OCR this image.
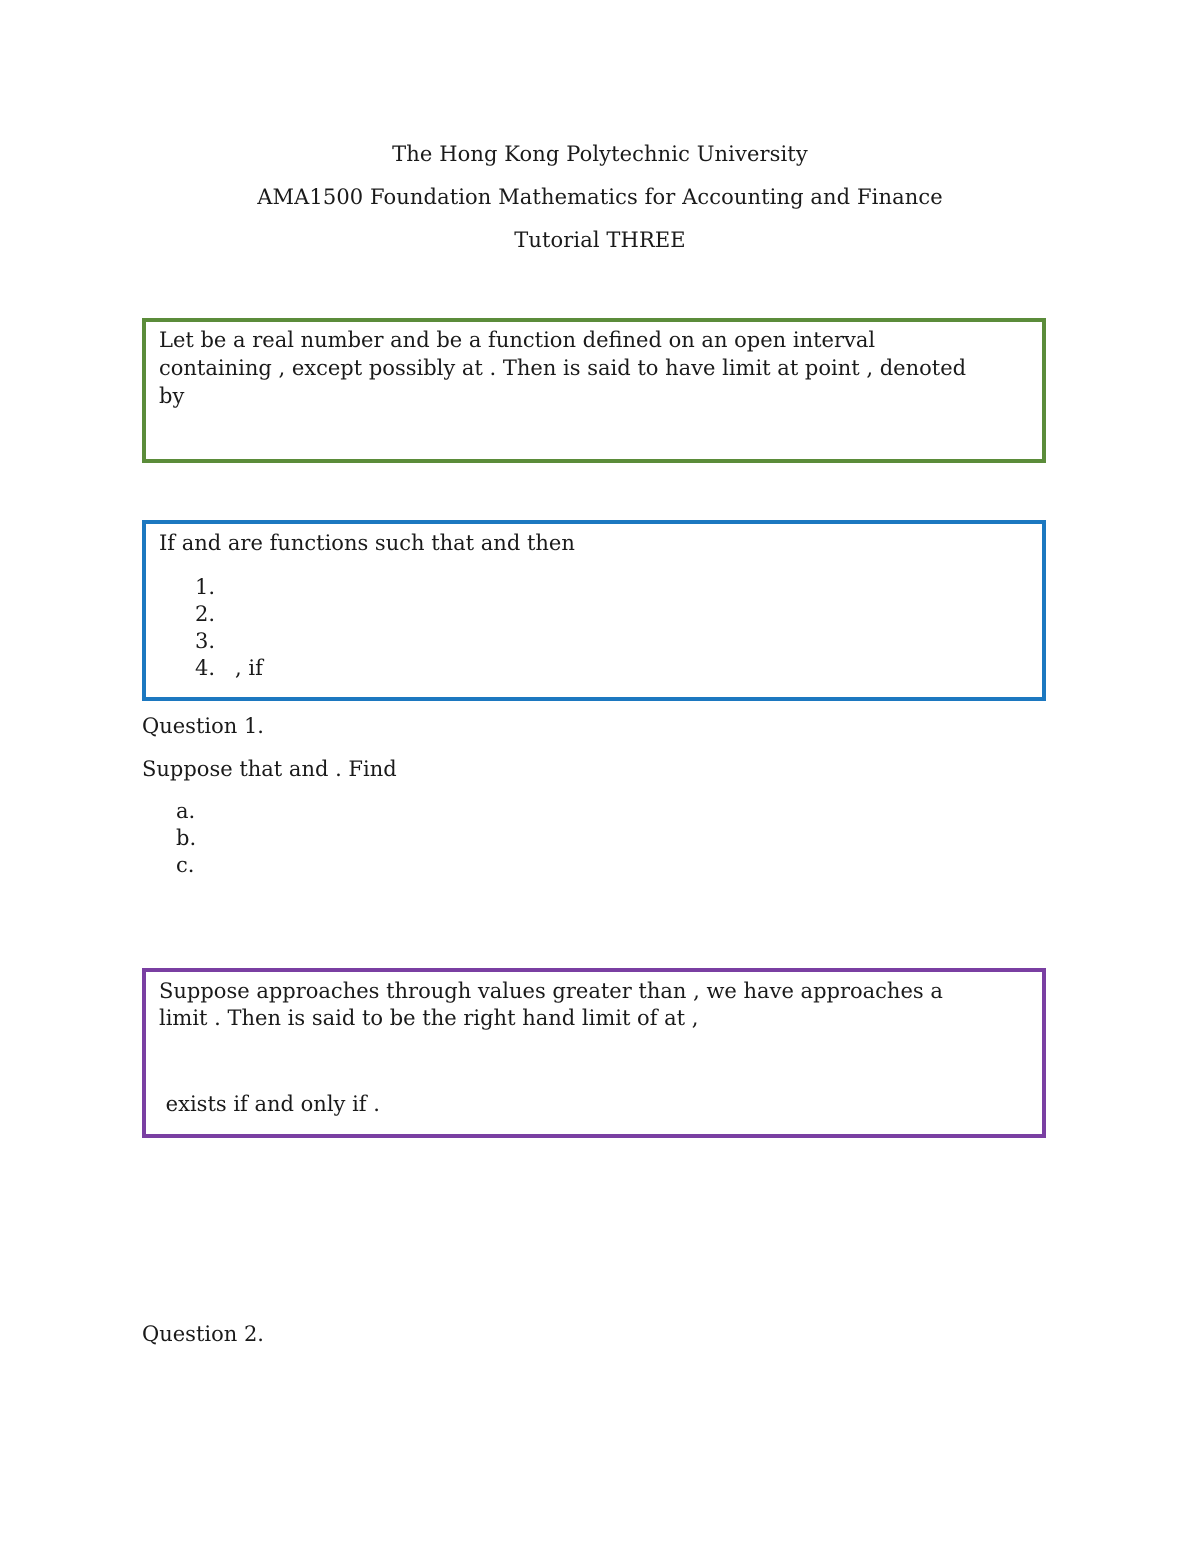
The Hong Kong Polytechnic University
AMA1500 Foundation Mathematics for Accounting and Finance
Tutorial THREE
Let be a real number and be a function defined on an open interval
containing , except possibly at . Then is said to have limit at point , denoted
by
If and are functions such that and then
1.
2.
3.
4.   , if
Question 1.
Suppose that and . Find
a.
b.
c.
Suppose approaches through values greater than , we have approaches a
limit . Then is said to be the right hand limit of at ,
exists if and only if .
Question 2.
